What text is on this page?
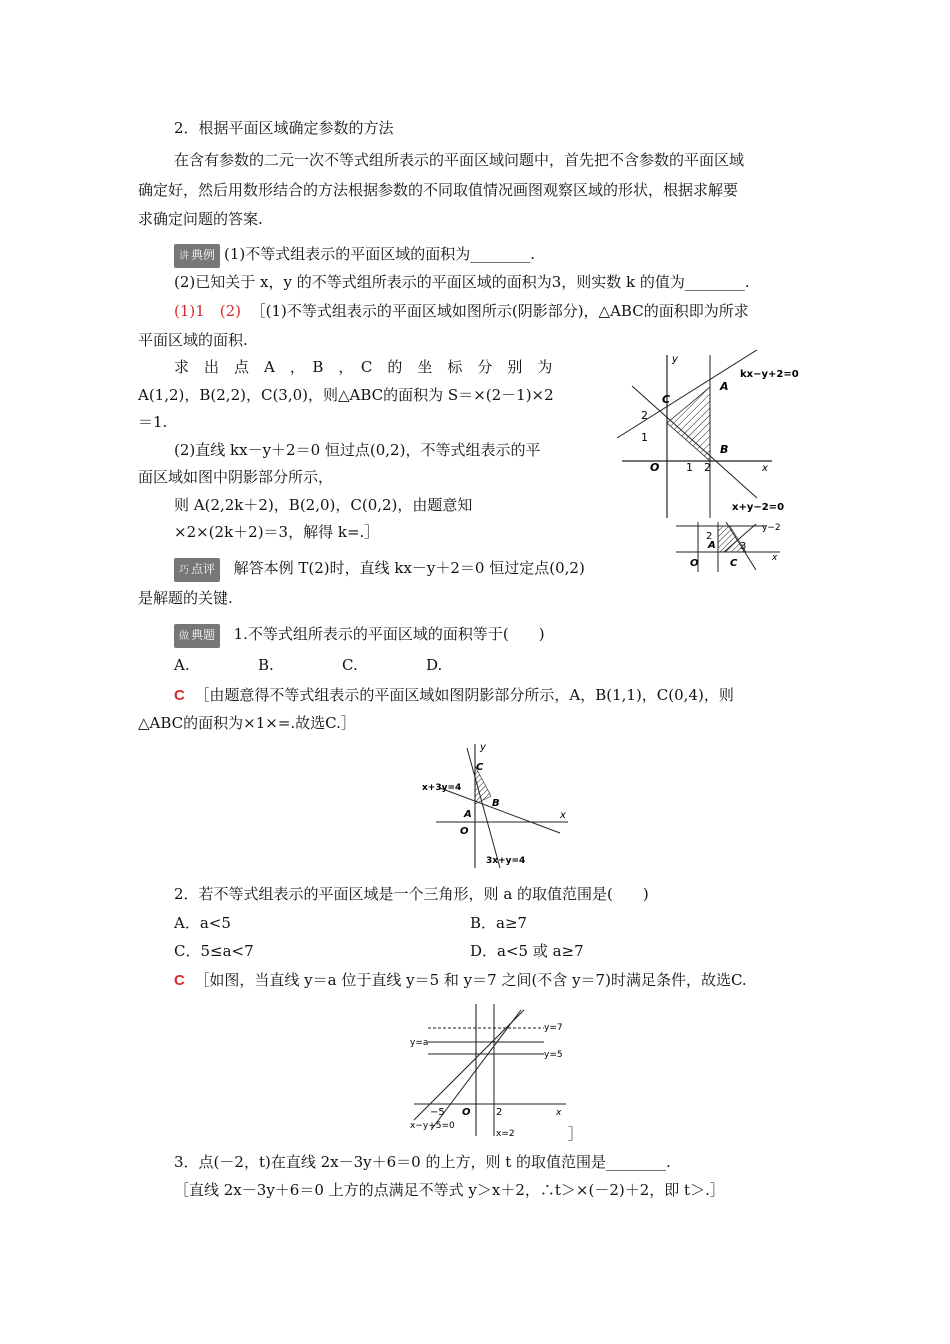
2．根据平面区域确定参数的方法
在含有参数的二元一次不等式组所表示的平面区域问题中，首先把不含参数的平面区域
确定好，然后用数形结合的方法根据参数的不同取值情况画图观察区域的形状，根据求解要
求确定问题的答案.
讲 典例 (1)不等式组表示的平面区域的面积为________.
(2)已知关于 x，y 的不等式组所表示的平面区域的面积为3，则实数 k 的值为________.
(1)1　(2) ［(1)不等式组表示的平面区域如图所示(阴影部分)，△ABC的面积即为所求
平面区域的面积.
求　出　点　A　，　B　，　C　的　坐　标　分　别　为
A(1,2)，B(2,2)，C(3,0)，则△ABC的面积为 S＝×(2－1)×2
＝1.
(2)直线 kx－y＋2＝0 恒过点(0,2)，不等式组表示的平
面区域如图中阴影部分所示，
则 A(2,2k＋2)，B(2,0)，C(0,2)，由题意知
×2×(2k＋2)＝3，解得 k=.］
y
x
O 1 2
1
2
C
A
B
kx−y+2=0
x+y−2=0
2
A 3
O	C
y−2
x
巧 点评 解答本例 T(2)时，直线 kx－y＋2＝0 恒过定点(0,2)
是解题的关键.
做 典题 1.不等式组所表示的平面区域的面积等于(　　)
A.	B.	C.	D.
C ［由题意得不等式组表示的平面区域如图阴影部分所示，A，B(1,1)，C(0,4)，则
△ABC的面积为×1×=.故选C.］
y
x
O
C
A
B
x+3y=4
3x+y=4
2．若不等式组表示的平面区域是一个三角形，则 a 的取值范围是(　　)
A．a<5	B．a≥7
C．5≤a<7	D．a<5 或 a≥7
C ［如图，当直线 y＝a 位于直线 y＝5 和 y＝7 之间(不含 y＝7)时满足条件，故选C.
x
O
−5	2
y=7
y=5
y=a
x−y+5=0
x=2	］
3．点(－2，t)在直线 2x－3y＋6＝0 的上方，则 t 的取值范围是________.
［直线 2x－3y＋6＝0 上方的点满足不等式 y＞x＋2，∴t＞×(－2)＋2，即 t＞.］
